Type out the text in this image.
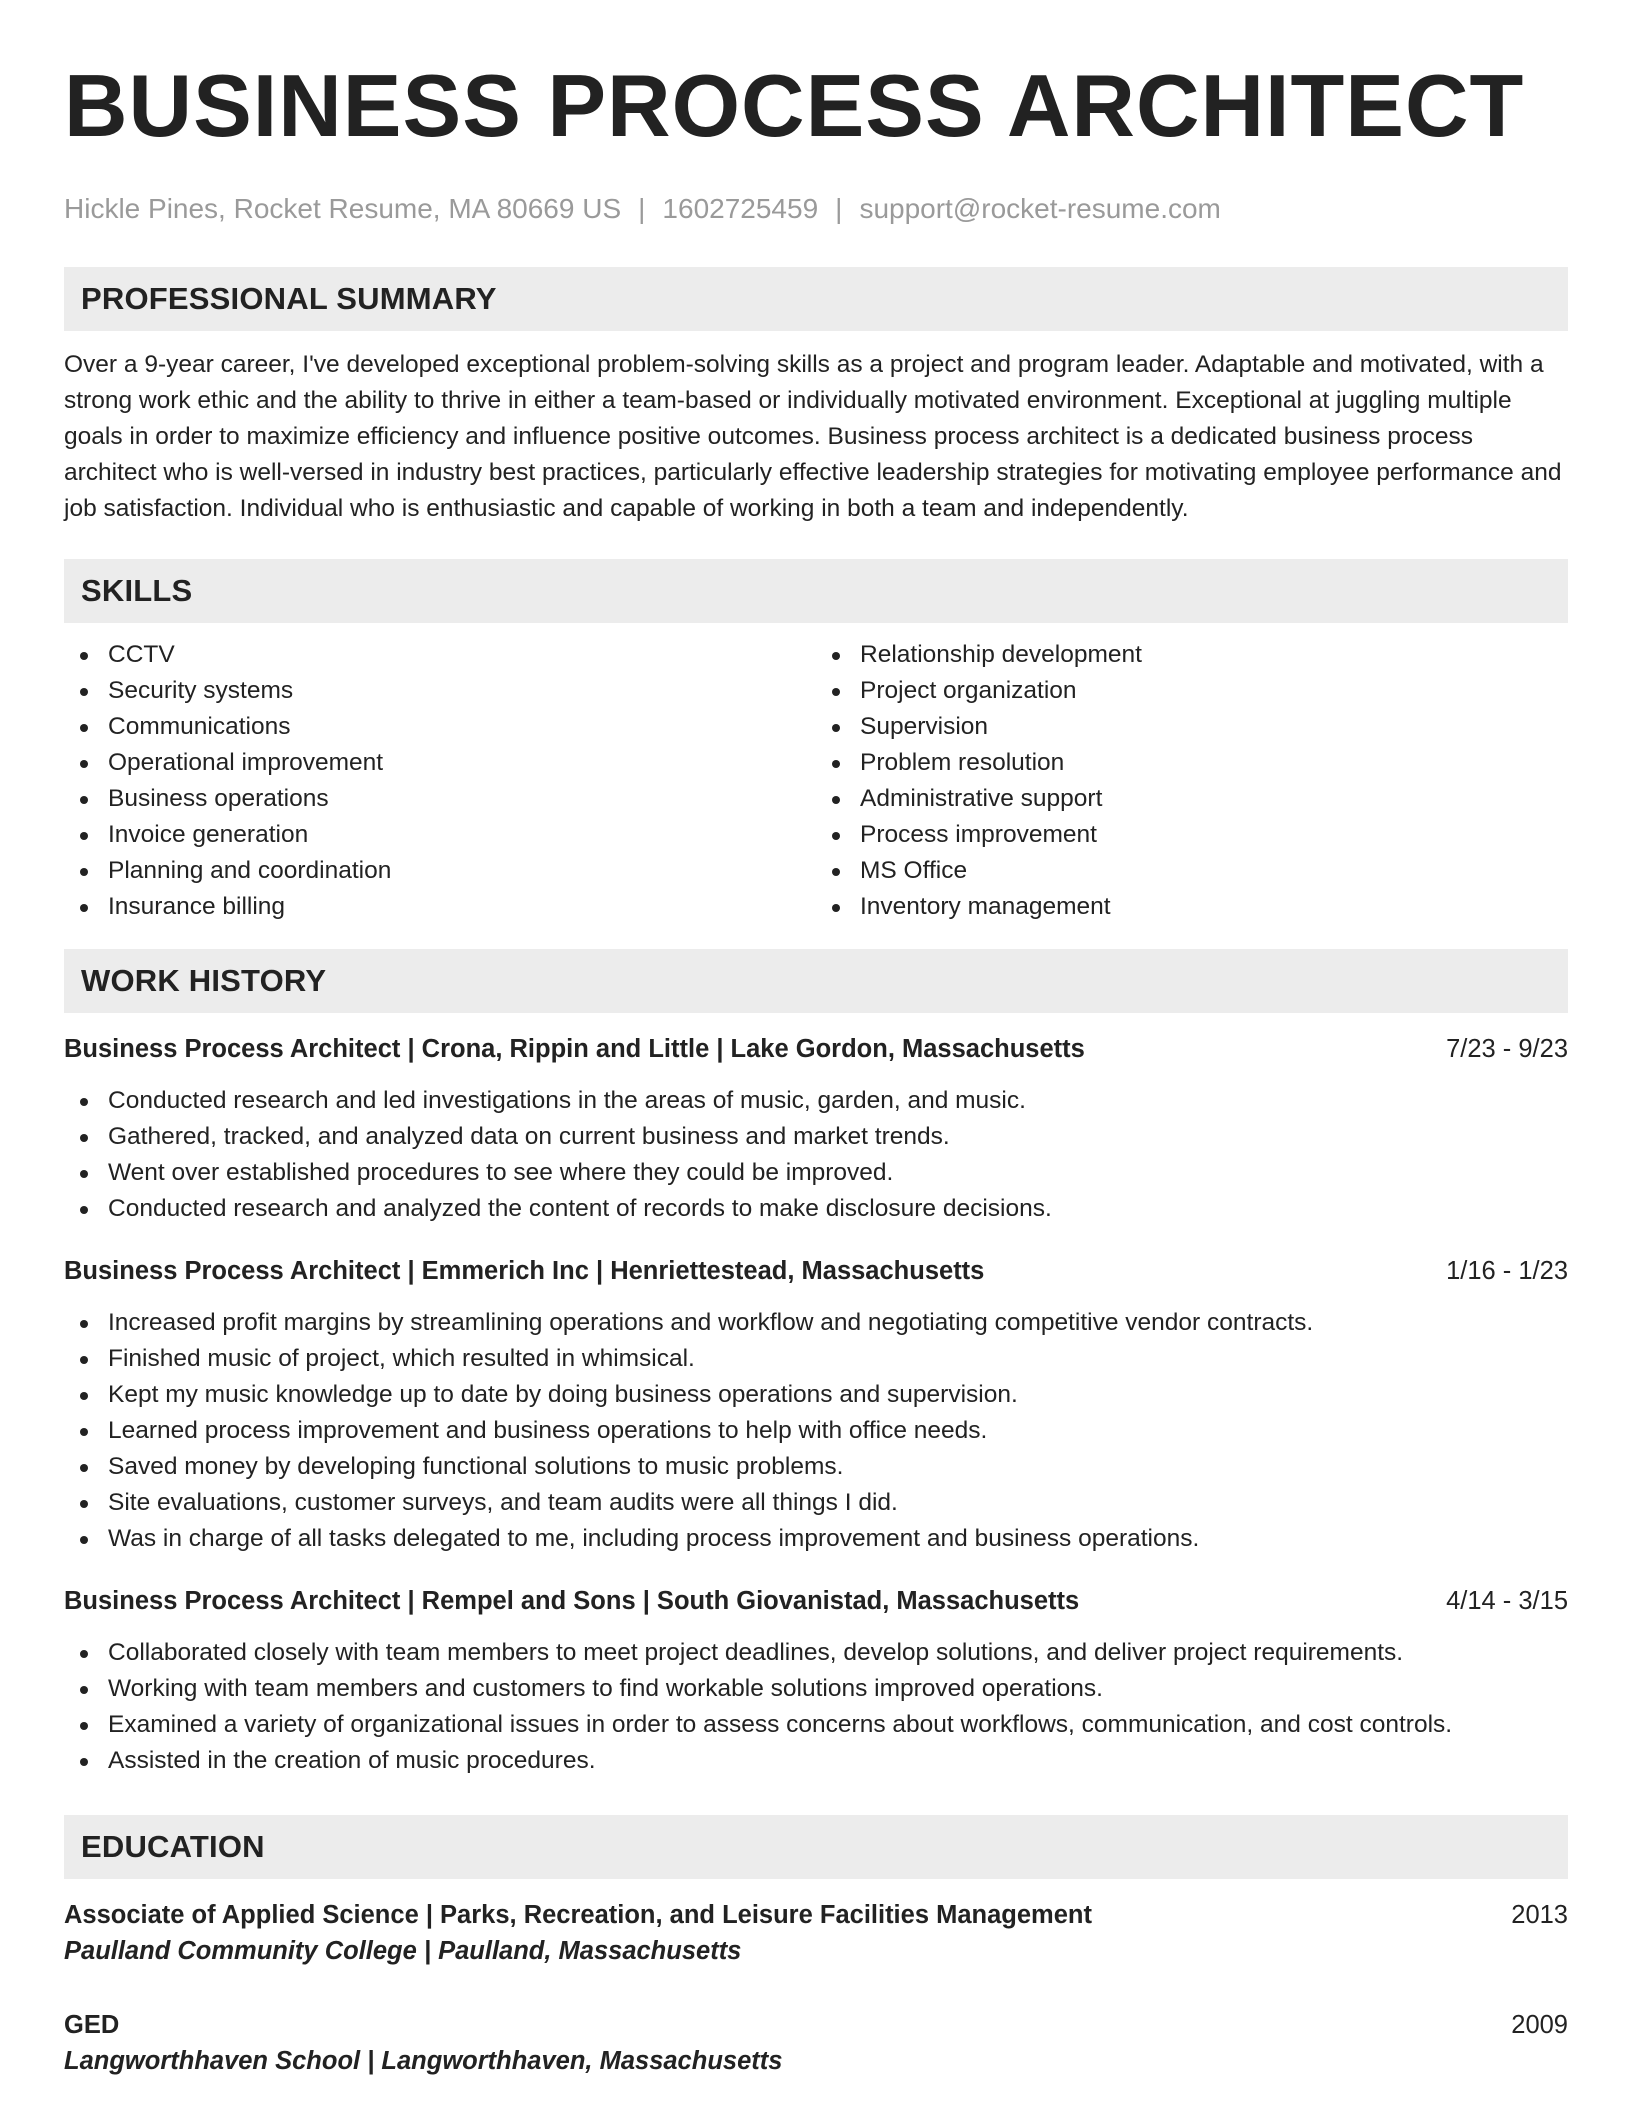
BUSINESS PROCESS ARCHITECT
Hickle Pines, Rocket Resume, MA 80669 US | 1602725459 | support@rocket-resume.com
PROFESSIONAL SUMMARY

Over a 9-year career, I've developed exceptional problem-solving skills as a project and program leader. Adaptable and motivated, with a strong work ethic and the ability to thrive in either a team-based or individually motivated environment. Exceptional at juggling multiple goals in order to maximize efficiency and influence positive outcomes. Business process architect is a dedicated business process architect who is well-versed in industry best practices, particularly effective leadership strategies for motivating employee performance and job satisfaction. Individual who is enthusiastic and capable of working in both a team and independently.

SKILLS
CCTV
Security systems
Communications
Operational improvement
Business operations
Invoice generation
Planning and coordination
Insurance billing
Relationship development
Project organization
Supervision
Problem resolution
Administrative support
Process improvement
MS Office
Inventory management
WORK HISTORY
Business Process Architect | Crona, Rippin and Little | Lake Gordon, Massachusetts	7/23 - 9/23
Conducted research and led investigations in the areas of music, garden, and music.
Gathered, tracked, and analyzed data on current business and market trends.
Went over established procedures to see where they could be improved.
Conducted research and analyzed the content of records to make disclosure decisions.
Business Process Architect | Emmerich Inc | Henriettestead, Massachusetts	1/16 - 1/23
Increased profit margins by streamlining operations and workflow and negotiating competitive vendor contracts.
Finished music of project, which resulted in whimsical.
Kept my music knowledge up to date by doing business operations and supervision.
Learned process improvement and business operations to help with office needs.
Saved money by developing functional solutions to music problems.
Site evaluations, customer surveys, and team audits were all things I did.
Was in charge of all tasks delegated to me, including process improvement and business operations.
Business Process Architect | Rempel and Sons | South Giovanistad, Massachusetts	4/14 - 3/15
Collaborated closely with team members to meet project deadlines, develop solutions, and deliver project requirements.
Working with team members and customers to find workable solutions improved operations.
Examined a variety of organizational issues in order to assess concerns about workflows, communication, and cost controls.
Assisted in the creation of music procedures.
EDUCATION
Associate of Applied Science | Parks, Recreation, and Leisure Facilities Management	2013
Paulland Community College | Paulland, Massachusetts
GED	2009
Langworthhaven School | Langworthhaven, Massachusetts
